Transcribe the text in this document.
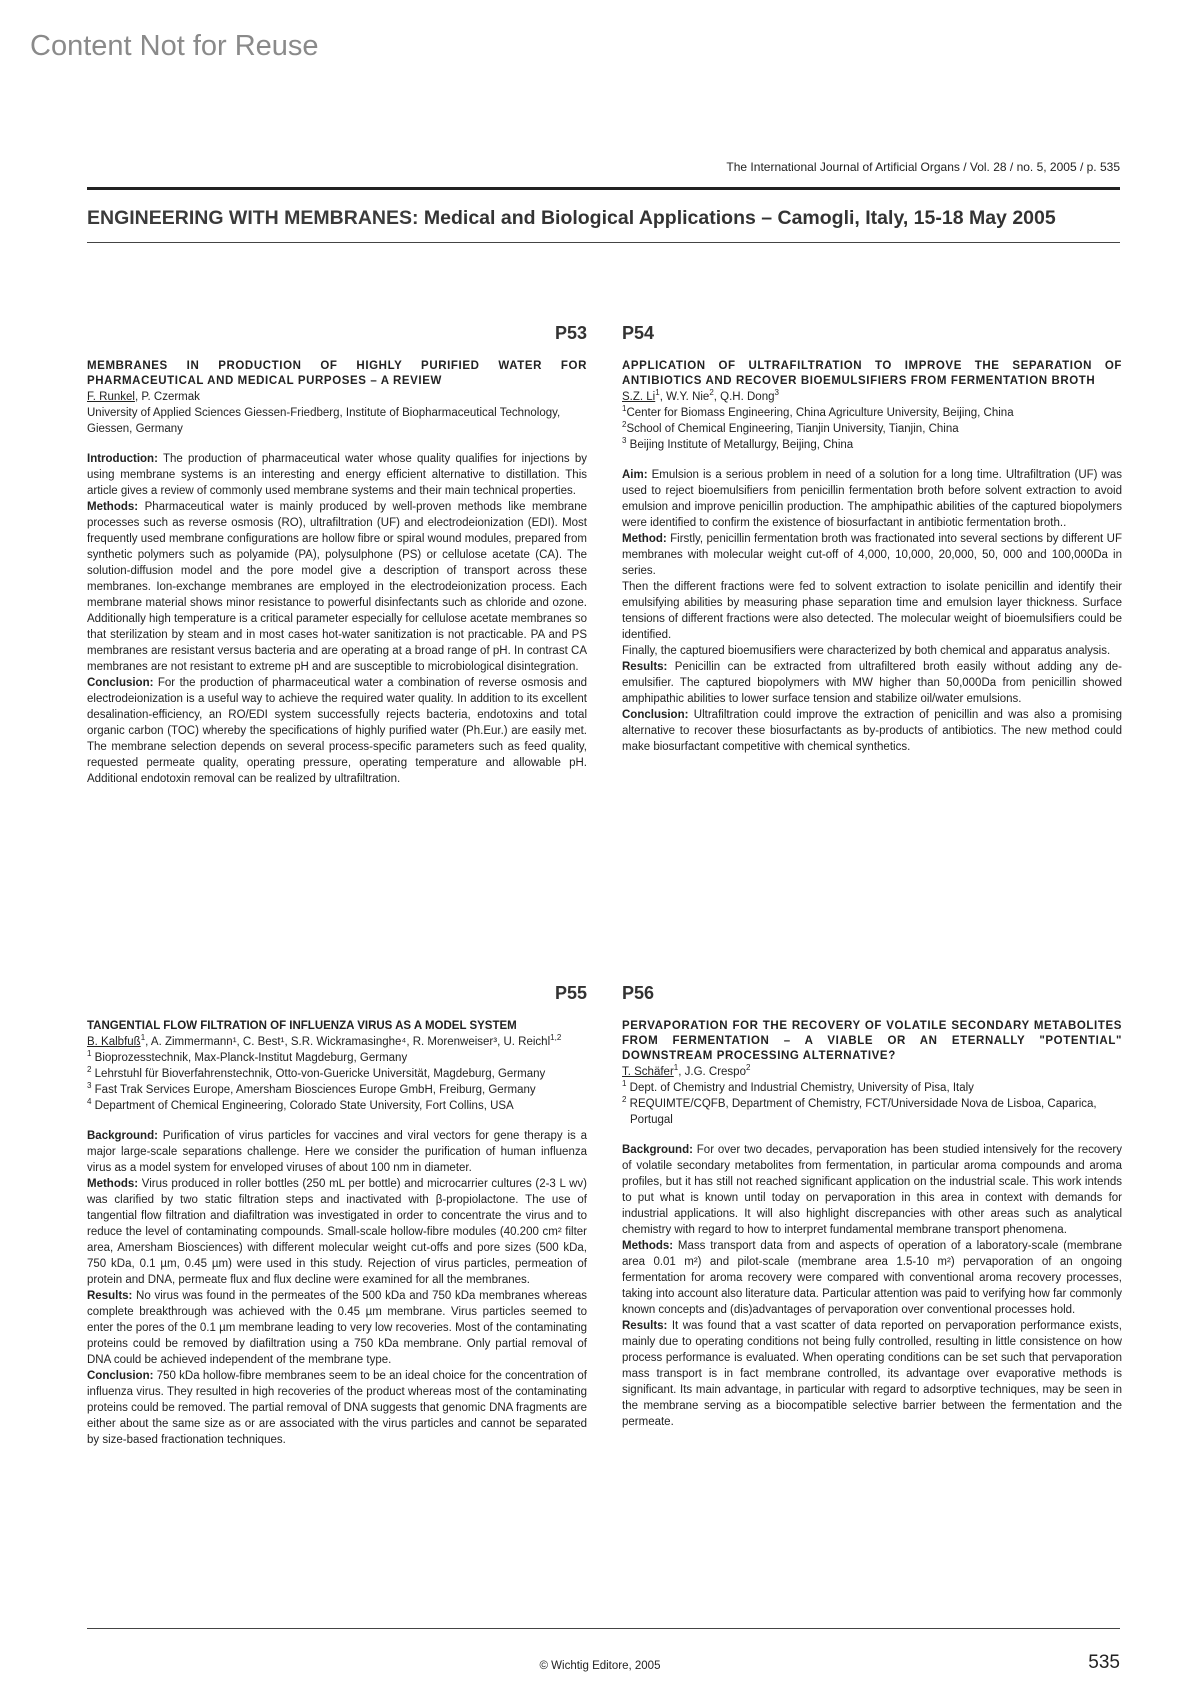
Content Not for Reuse
The International Journal of Artificial Organs / Vol. 28 / no. 5, 2005 / p. 535
ENGINEERING WITH MEMBRANES: Medical and Biological Applications – Camogli, Italy, 15-18 May 2005
P53
MEMBRANES IN PRODUCTION OF HIGHLY PURIFIED WATER FOR PHARMACEUTICAL AND MEDICAL PURPOSES – A REVIEW
F. Runkel, P. Czermak
University of Applied Sciences Giessen-Friedberg, Institute of Biopharmaceutical Technology, Giessen, Germany

Introduction: The production of pharmaceutical water whose quality qualifies for injections by using membrane systems is an interesting and energy efficient alternative to distillation. This article gives a review of commonly used membrane systems and their main technical properties.

Methods: Pharmaceutical water is mainly produced by well-proven methods like membrane processes such as reverse osmosis (RO), ultrafiltration (UF) and electrodeionization (EDI). Most frequently used membrane configurations are hollow fibre or spiral wound modules, prepared from synthetic polymers such as polyamide (PA), polysulphone (PS) or cellulose acetate (CA). The solution-diffusion model and the pore model give a description of transport across these membranes. Ion-exchange membranes are employed in the electrodeionization process. Each membrane material shows minor resistance to powerful disinfectants such as chloride and ozone. Additionally high temperature is a critical parameter especially for cellulose acetate membranes so that sterilization by steam and in most cases hot-water sanitization is not practicable. PA and PS membranes are resistant versus bacteria and are operating at a broad range of pH. In contrast CA membranes are not resistant to extreme pH and are susceptible to microbiological disintegration.

Conclusion: For the production of pharmaceutical water a combination of reverse osmosis and electrodeionization is a useful way to achieve the required water quality. In addition to its excellent desalination-efficiency, an RO/EDI system successfully rejects bacteria, endotoxins and total organic carbon (TOC) whereby the specifications of highly purified water (Ph.Eur.) are easily met. The membrane selection depends on several process-specific parameters such as feed quality, requested permeate quality, operating pressure, operating temperature and allowable pH. Additional endotoxin removal can be realized by ultrafiltration.

P54
APPLICATION OF ULTRAFILTRATION TO IMPROVE THE SEPARATION OF ANTIBIOTICS AND RECOVER BIOEMULSIFIERS FROM FERMENTATION BROTH
S.Z. Li$^1$, W.Y. Nie$^2$, Q.H. Dong$^3$
$^1$Center for Biomass Engineering, China Agriculture University, Beijing, China
$^2$School of Chemical Engineering, Tianjin University, Tianjin, China
$^3$ Beijing Institute of Metallurgy, Beijing, China

Aim: Emulsion is a serious problem in need of a solution for a long time. Ultrafiltration (UF) was used to reject bioemulsifiers from penicillin fermentation broth before solvent extraction to avoid emulsion and improve penicillin production. The amphipathic abilities of the captured biopolymers were identified to confirm the existence of biosurfactant in antibiotic fermentation broth..

Method: Firstly, penicillin fermentation broth was fractionated into several sections by different UF membranes with molecular weight cut-off of 4,000, 10,000, 20,000, 50, 000 and 100,000Da in series.

Then the different fractions were fed to solvent extraction to isolate penicillin and identify their emulsifying abilities by measuring phase separation time and emulsion layer thickness. Surface tensions of different fractions were also detected. The molecular weight of bioemulsifiers could be identified.

Finally, the captured bioemusifiers were characterized by both chemical and apparatus analysis.

Results: Penicillin can be extracted from ultrafiltered broth easily without adding any de-emulsifier. The captured biopolymers with MW higher than 50,000Da from penicillin showed amphipathic abilities to lower surface tension and stabilize oil/water emulsions.

Conclusion: Ultrafiltration could improve the extraction of penicillin and was also a promising alternative to recover these biosurfactants as by-products of antibiotics. The new method could make biosurfactant competitive with chemical synthetics.

P55
TANGENTIAL FLOW FILTRATION OF INFLUENZA VIRUS AS A MODEL SYSTEM
B. Kalbfuß$^1$, A. Zimmermann¹, C. Best¹, S.R. Wickramasinghe⁴, R. Morenweiser³, U. Reichl$^{1,2}$
$^1$ Bioprozesstechnik, Max-Planck-Institut Magdeburg, Germany
$^2$ Lehrstuhl für Bioverfahrenstechnik, Otto-von-Guericke Universität, Magdeburg, Germany
$^3$ Fast Trak Services Europe, Amersham Biosciences Europe GmbH, Freiburg, Germany
$^4$ Department of Chemical Engineering, Colorado State University, Fort Collins, USA

Background: Purification of virus particles for vaccines and viral vectors for gene therapy is a major large-scale separations challenge. Here we consider the purification of human influenza virus as a model system for enveloped viruses of about 100 nm in diameter.

Methods: Virus produced in roller bottles (250 mL per bottle) and microcarrier cultures (2-3 L wv) was clarified by two static filtration steps and inactivated with β-propiolactone. The use of tangential flow filtration and diafiltration was investigated in order to concentrate the virus and to reduce the level of contaminating compounds. Small-scale hollow-fibre modules (40.200 cm² filter area, Amersham Biosciences) with different molecular weight cut-offs and pore sizes (500 kDa, 750 kDa, 0.1 µm, 0.45 µm) were used in this study. Rejection of virus particles, permeation of protein and DNA, permeate flux and flux decline were examined for all the membranes.

Results: No virus was found in the permeates of the 500 kDa and 750 kDa membranes whereas complete breakthrough was achieved with the 0.45 µm membrane. Virus particles seemed to enter the pores of the 0.1 µm membrane leading to very low recoveries. Most of the contaminating proteins could be removed by diafiltration using a 750 kDa membrane. Only partial removal of DNA could be achieved independent of the membrane type.

Conclusion: 750 kDa hollow-fibre membranes seem to be an ideal choice for the concentration of influenza virus. They resulted in high recoveries of the product whereas most of the contaminating proteins could be removed. The partial removal of DNA suggests that genomic DNA fragments are either about the same size as or are associated with the virus particles and cannot be separated by size-based fractionation techniques.

P56
PERVAPORATION FOR THE RECOVERY OF VOLATILE SECONDARY METABOLITES FROM FERMENTATION – A VIABLE OR AN ETERNALLY "POTENTIAL" DOWNSTREAM PROCESSING ALTERNATIVE?
T. Schäfer$^1$, J.G. Crespo$^2$
$^1$ Dept. of Chemistry and Industrial Chemistry, University of Pisa, Italy
$^2$ REQUIMTE/CQFB, Department of Chemistry, FCT/Universidade Nova de Lisboa, Caparica, Portugal

Background: For over two decades, pervaporation has been studied intensively for the recovery of volatile secondary metabolites from fermentation, in particular aroma compounds and aroma profiles, but it has still not reached significant application on the industrial scale. This work intends to put what is known until today on pervaporation in this area in context with demands for industrial applications. It will also highlight discrepancies with other areas such as analytical chemistry with regard to how to interpret fundamental membrane transport phenomena.

Methods: Mass transport data from and aspects of operation of a laboratory-scale (membrane area 0.01 m²) and pilot-scale (membrane area 1.5-10 m²) pervaporation of an ongoing fermentation for aroma recovery were compared with conventional aroma recovery processes, taking into account also literature data. Particular attention was paid to verifying how far commonly known concepts and (dis)advantages of pervaporation over conventional processes hold.

Results: It was found that a vast scatter of data reported on pervaporation performance exists, mainly due to operating conditions not being fully controlled, resulting in little consistence on how process performance is evaluated. When operating conditions can be set such that pervaporation mass transport is in fact membrane controlled, its advantage over evaporative methods is significant. Its main advantage, in particular with regard to adsorptive techniques, may be seen in the membrane serving as a biocompatible selective barrier between the fermentation and the permeate.

© Wichtig Editore, 2005	535
